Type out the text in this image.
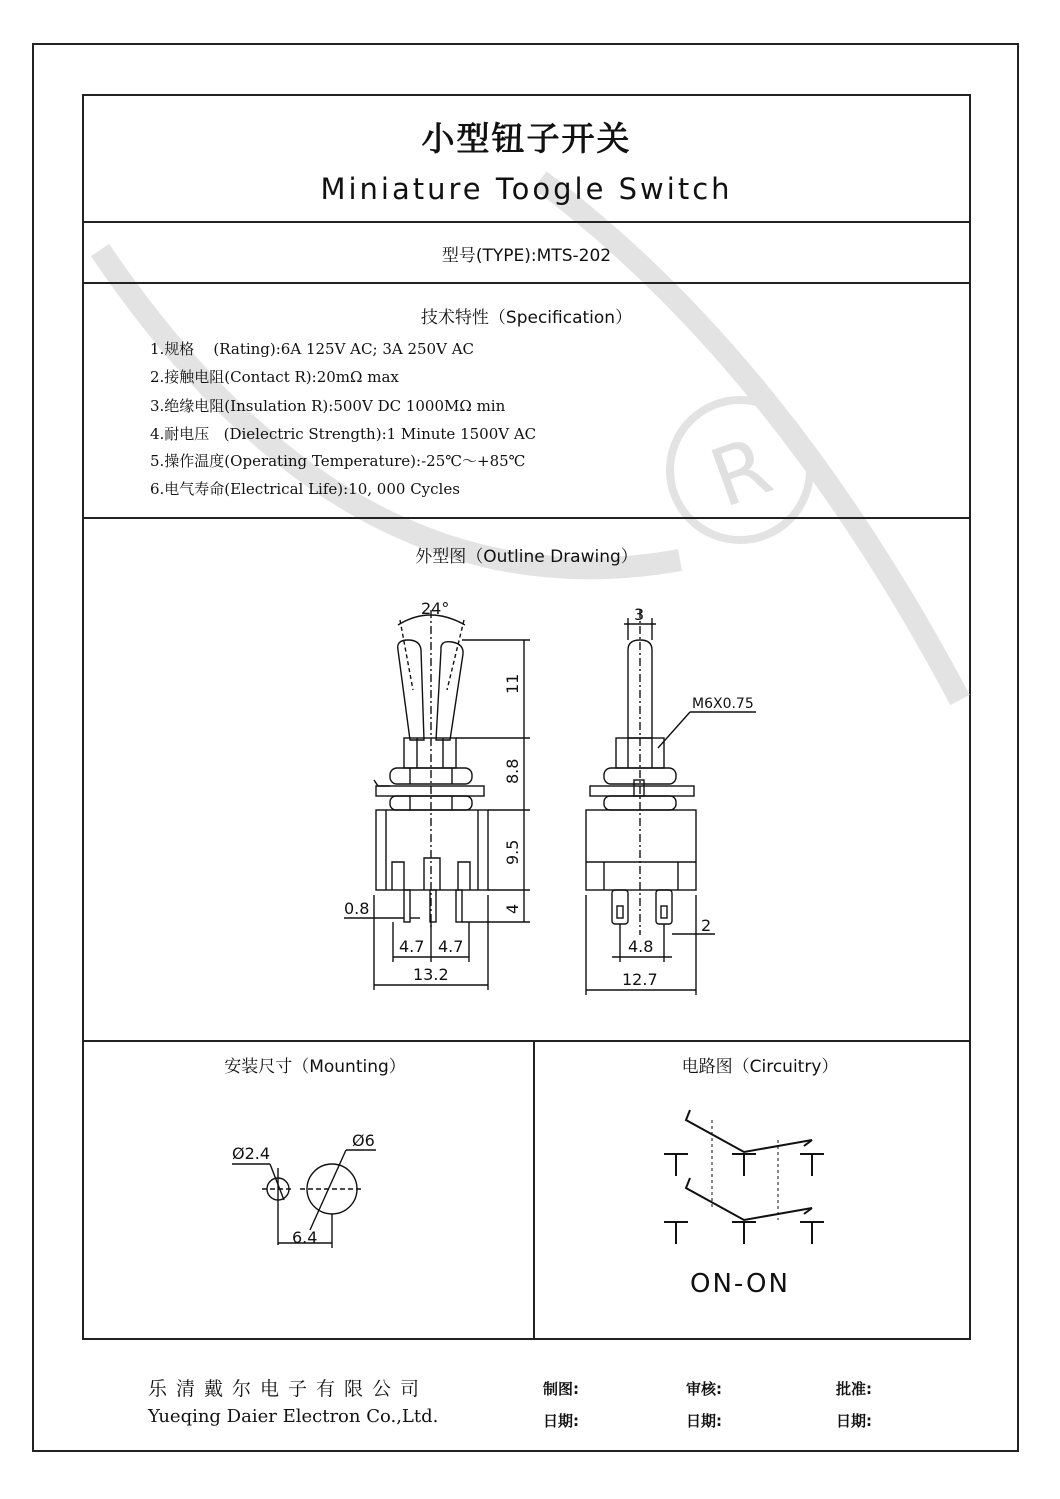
R
小型钮子开关
Miniature Toogle Switch
型号(TYPE):MTS-202
技术特性（Specification）
1.规格    (Rating):6A 125V AC; 3A 250V AC
2.接触电阻(Contact R):20mΩ max
3.绝缘电阻(Insulation R):500V DC 1000MΩ min
4.耐电压   (Dielectric Strength):1 Minute 1500V AC
5.操作温度(Operating Temperature):-25℃～+85℃
6.电气寿命(Electrical Life):10, 000 Cycles
外型图（Outline Drawing）
24°
11
8.8
9.5
4
0.8
4.7 4.7
13.2
3
M6X0.75
2
4.8
12.7
安装尺寸（Mounting）
Ø2.4
Ø6
6.4
电路图（Circuitry）
ON-ON
乐清戴尔电子有限公司
Yueqing Daier Electron Co.,Ltd.
制图:	审核:	批准:
日期:	日期:	日期:
